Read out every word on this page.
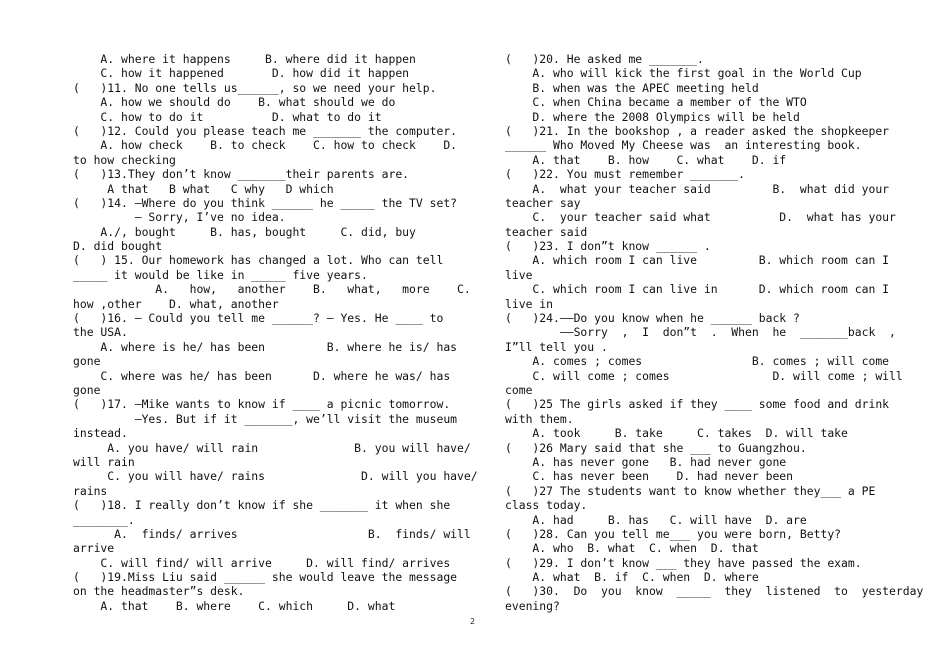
A. where it happens     B. where did it happen
C. how it happened       D. how did it happen
(   )11. No one tells us______, so we need your help.
A. how we should do    B. what should we do
C. how to do it          D. what to do it
(   )12. Could you please teach me _______ the computer.
A. how check    B. to check    C. how to check    D.
to how checking
(   )13.They don’t know _______their parents are.
A that   B what   C why   D which
(   )14. —Where do you think ______ he _____ the TV set?
— Sorry, I’ve no idea.
A./, bought     B. has, bought     C. did, buy
D. did bought
(   ) 15. Our homework has changed a lot. Who can tell
_____ it would be like in _____ five years.
A.   how,   another    B.   what,   more    C.
how ,other    D. what, another
(   )16. — Could you tell me ______? — Yes. He ____ to
the USA.
A. where is he/ has been         B. where he is/ has
gone
C. where was he/ has been      D. where he was/ has
gone
(   )17. —Mike wants to know if ____ a picnic tomorrow.
—Yes. But if it _______, we’ll visit the museum
instead.
A. you have/ will rain              B. you will have/
will rain
C. you will have/ rains              D. will you have/
rains
(   )18. I really don’t know if she _______ it when she
________.
A.  finds/ arrives                   B.  finds/ will
arrive
C. will find/ will arrive     D. will find/ arrives
(   )19.Miss Liu said ______ she would leave the message
on the headmaster”s desk.
A. that    B. where    C. which     D. what
(   )20. He asked me _______.
A. who will kick the first goal in the World Cup
B. when was the APEC meeting held
C. when China became a member of the WTO
D. where the 2008 Olympics will be held
(   )21. In the bookshop , a reader asked the shopkeeper
______ Who Moved My Cheese was  an interesting book.
A. that    B. how    C. what    D. if
(   )22. You must remember _______.
A.  what your teacher said         B.  what did your
teacher say
C.  your teacher said what          D.  what has your
teacher said
(   )23. I don”t know ______ .
A. which room I can live         B. which room can I
live
C. which room I can live in      D. which room can I
live in
(   )24.——Do you know when he ______ back ?
——Sorry  ,  I  don”t  .  When  he  _______back  ,
I”ll tell you .
A. comes ; comes                B. comes ; will come
C. will come ; comes               D. will come ; will
come
(   )25 The girls asked if they ____ some food and drink
with them.
A. took     B. take     C. takes  D. will take
(   )26 Mary said that she ___ to Guangzhou.
A. has never gone   B. had never gone
C. has never been    D. had never been
(   )27 The students want to know whether they___ a PE
class today.
A. had     B. has   C. will have  D. are
(   )28. Can you tell me___ you were born, Betty?
A. who  B. what  C. when  D. that
(   )29. I don’t know ___ they have passed the exam.
A. what  B. if  C. when  D. where
(   )30.  Do  you  know  _____  they  listened  to  yesterday
evening?
2
